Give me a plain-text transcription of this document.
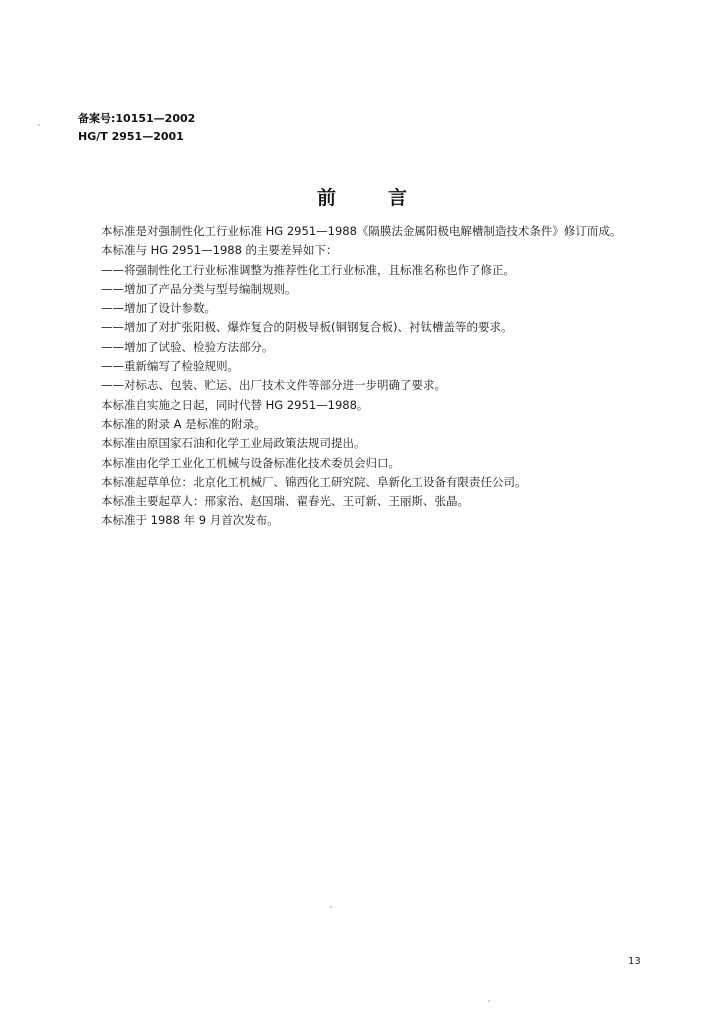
备案号:10151—2002
HG/T 2951—2001
前	言
本标准是对强制性化工行业标准 HG 2951—1988《隔膜法金属阳极电解槽制造技术条件》修订而成。
本标准与 HG 2951—1988 的主要差异如下：
——将强制性化工行业标准调整为推荐性化工行业标准，且标准名称也作了修正。
——增加了产品分类与型号编制规则。
——增加了设计参数。
——增加了对扩张阳极、爆炸复合的阴极导板(铜钢复合板)、衬钛槽盖等的要求。
——增加了试验、检验方法部分。
——重新编写了检验规则。
——对标志、包装、贮运、出厂技术文件等部分进一步明确了要求。
本标准自实施之日起，同时代替 HG 2951—1988。
本标准的附录 A 是标准的附录。
本标准由原国家石油和化学工业局政策法规司提出。
本标准由化学工业化工机械与设备标准化技术委员会归口。
本标准起草单位：北京化工机械厂、锦西化工研究院、阜新化工设备有限责任公司。
本标准主要起草人：邢家治、赵国瑞、翟春光、王可新、王丽斯、张晶。
本标准于 1988 年 9 月首次发布。
13
